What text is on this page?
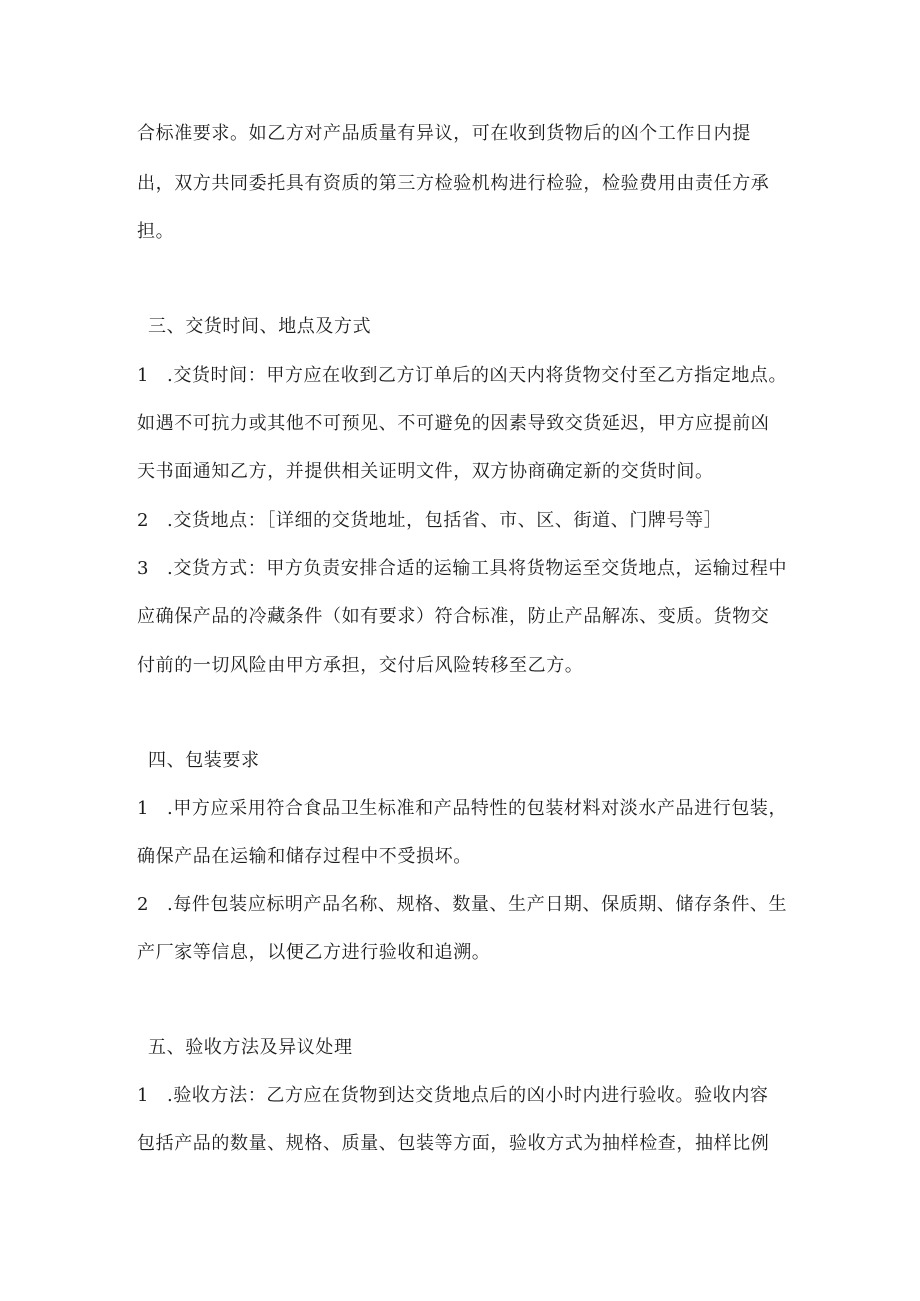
合标准要求。如乙方对产品质量有异议，可在收到货物后的凶个工作日内提
出，双方共同委托具有资质的第三方检验机构进行检验，检验费用由责任方承
担。
三、交货时间、地点及方式
1 .交货时间：甲方应在收到乙方订单后的凶天内将货物交付至乙方指定地点。
如遇不可抗力或其他不可预见、不可避免的因素导致交货延迟，甲方应提前凶
天书面通知乙方，并提供相关证明文件，双方协商确定新的交货时间。
2 .交货地点：［详细的交货地址，包括省、市、区、街道、门牌号等］
3 .交货方式：甲方负责安排合适的运输工具将货物运至交货地点，运输过程中
应确保产品的冷藏条件（如有要求）符合标准，防止产品解冻、变质。货物交
付前的一切风险由甲方承担，交付后风险转移至乙方。
四、包装要求
1 .甲方应采用符合食品卫生标准和产品特性的包装材料对淡水产品进行包装，
确保产品在运输和储存过程中不受损坏。
2 .每件包装应标明产品名称、规格、数量、生产日期、保质期、储存条件、生
产厂家等信息，以便乙方进行验收和追溯。
五、验收方法及异议处理
1 .验收方法：乙方应在货物到达交货地点后的凶小时内进行验收。验收内容
包括产品的数量、规格、质量、包装等方面，验收方式为抽样检查，抽样比例
